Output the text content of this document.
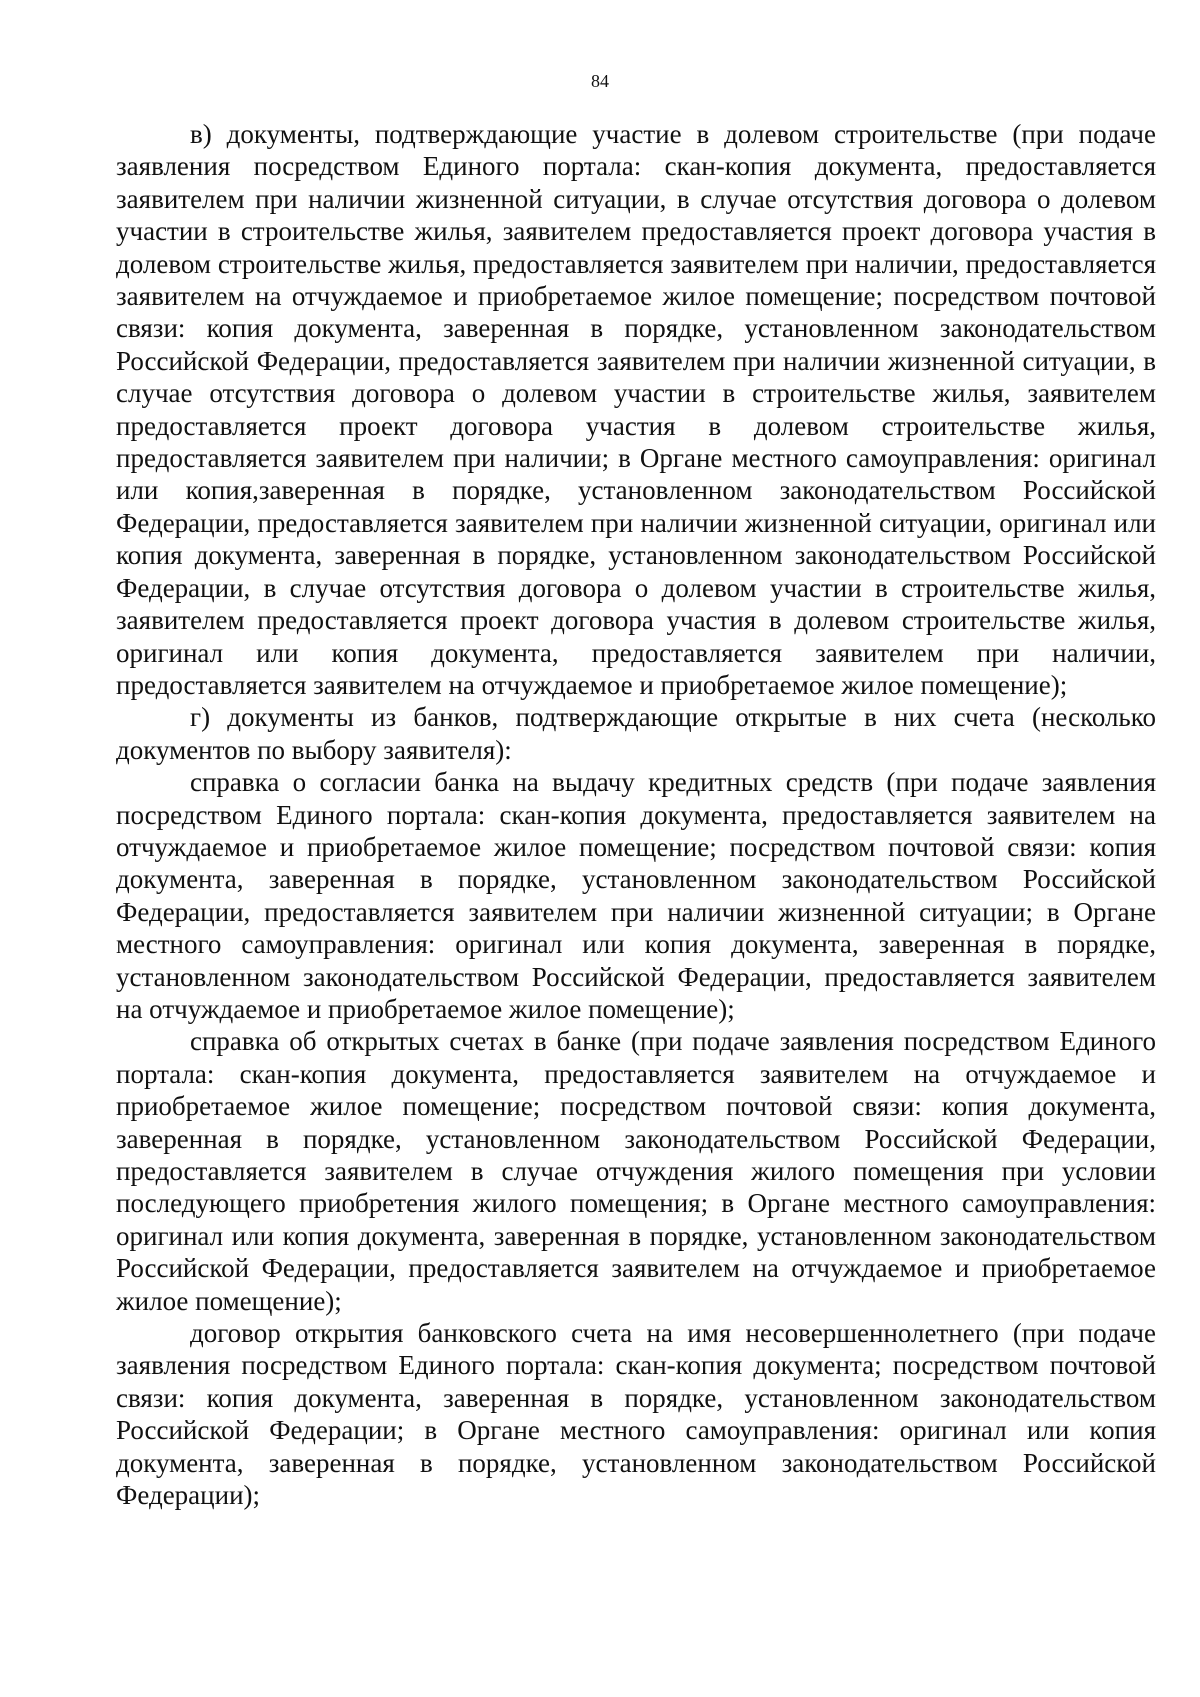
84

в) документы, подтверждающие участие в долевом строительстве (при подаче заявления посредством Единого портала: скан-копия документа, предоставляется заявителем при наличии жизненной ситуации, в случае отсутствия договора о долевом участии в строительстве жилья, заявителем предоставляется проект договора участия в долевом строительстве жилья, предоставляется заявителем при наличии, предоставляется заявителем на отчуждаемое и приобретаемое жилое помещение; посредством почтовой связи: копия документа, заверенная в порядке, установленном законодательством Российской Федерации, предоставляется заявителем при наличии жизненной ситуации, в случае отсутствия договора о долевом участии в строительстве жилья, заявителем предоставляется проект договора участия в долевом строительстве жилья, предоставляется заявителем при наличии; в Органе местного самоуправления: оригинал или копия,заверенная в порядке, установленном законодательством Российской Федерации, предоставляется заявителем при наличии жизненной ситуации, оригинал или копия документа, заверенная в порядке, установленном законодательством Российской Федерации, в случае отсутствия договора о долевом участии в строительстве жилья, заявителем предоставляется проект договора участия в долевом строительстве жилья, оригинал или копия документа, предоставляется заявителем при наличии, предоставляется заявителем на отчуждаемое и приобретаемое жилое помещение);

г) документы из банков, подтверждающие открытые в них счета (несколько документов по выбору заявителя):

справка о согласии банка на выдачу кредитных средств (при подаче заявления посредством Единого портала: скан-копия документа, предоставляется заявителем на отчуждаемое и приобретаемое жилое помещение; посредством почтовой связи: копия документа, заверенная в порядке, установленном законодательством Российской Федерации, предоставляется заявителем при наличии жизненной ситуации; в Органе местного самоуправления: оригинал или копия документа, заверенная в порядке, установленном законодательством Российской Федерации, предоставляется заявителем на отчуждаемое и приобретаемое жилое помещение);

справка об открытых счетах в банке (при подаче заявления посредством Единого портала: скан-копия документа, предоставляется заявителем на отчуждаемое и приобретаемое жилое помещение; посредством почтовой связи: копия документа, заверенная в порядке, установленном законодательством Российской Федерации, предоставляется заявителем в случае отчуждения жилого помещения при условии последующего приобретения жилого помещения; в Органе местного самоуправления: оригинал или копия документа, заверенная в порядке, установленном законодательством Российской Федерации, предоставляется заявителем на отчуждаемое и приобретаемое жилое помещение);

договор открытия банковского счета на имя несовершеннолетнего (при подаче заявления посредством Единого портала: скан-копия документа; посредством почтовой связи: копия документа, заверенная в порядке, установленном законодательством Российской Федерации; в Органе местного самоуправления: оригинал или копия документа, заверенная в порядке, установленном законодательством Российской Федерации);
